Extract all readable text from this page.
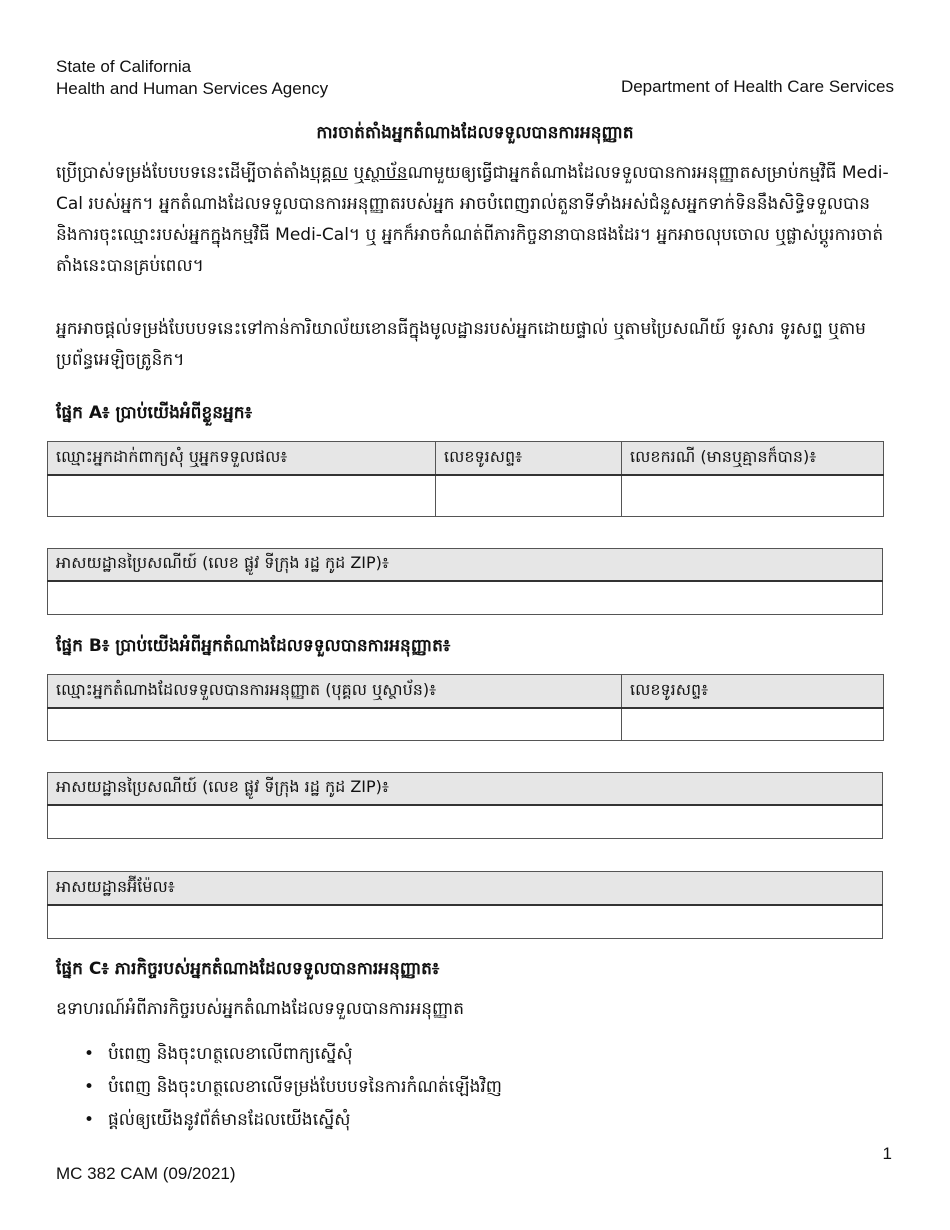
State of California
Health and Human Services Agency	Department of Health Care Services
ការចាត់តាំងអ្នកតំណាងដែលទទួលបានការអនុញ្ញាត
ប្រើប្រាស់ទម្រង់បែបបទនេះដើម្បីចាត់តាំងបុគ្គល ឬស្ថាប័នណាមួយឲ្យធ្វើជាអ្នកតំណាងដែលទទួលបានការអនុញ្ញាតសម្រាប់កម្មវិធី Medi-Cal របស់អ្នក។ អ្នកតំណាងដែលទទួលបានការអនុញ្ញាតរបស់អ្នក អាចបំពេញរាល់តួនាទីទាំងអស់ជំនួសអ្នកទាក់ទិននឹងសិទ្ធិទទួលបាន និងការចុះឈ្មោះរបស់អ្នកក្នុងកម្មវិធី Medi-Cal។ ឬ អ្នកក៏អាចកំណត់ពីភារកិច្ចនានាបានផងដែរ។ អ្នកអាចលុបចោល ឬផ្លាស់ប្តូរការចាត់តាំងនេះបានគ្រប់ពេល។
អ្នកអាចផ្តល់ទម្រង់បែបបទនេះទៅកាន់ការិយាល័យខោនធីក្នុងមូលដ្ឋានរបស់អ្នកដោយផ្ទាល់ ឬតាមប្រៃសណីយ៍ ទូរសារ ទូរសព្ទ ឬតាមប្រព័ន្ធអេឡិចត្រូនិក។
ផ្នែក A៖ ប្រាប់យើងអំពីខ្លួនអ្នក៖
ឈ្មោះអ្នកដាក់ពាក្យសុំ ឬអ្នកទទួលផល៖	លេខទូរសព្ទ៖	លេខករណី (មានឬគ្មានក៏បាន)៖

អាសយដ្ឋានប្រៃសណីយ៍ (លេខ ផ្លូវ ទីក្រុង រដ្ឋ កូដ ZIP)៖

ផ្នែក B៖ ប្រាប់យើងអំពីអ្នកតំណាងដែលទទួលបានការអនុញ្ញាត៖
ឈ្មោះអ្នកតំណាងដែលទទួលបានការអនុញ្ញាត (បុគ្គល ឬស្ថាប័ន)៖	លេខទូរសព្ទ៖

អាសយដ្ឋានប្រៃសណីយ៍ (លេខ ផ្លូវ ទីក្រុង រដ្ឋ កូដ ZIP)៖

អាសយដ្ឋានអ៊ីម៉ែល៖

ផ្នែក C៖ ភារកិច្ចរបស់អ្នកតំណាងដែលទទួលបានការអនុញ្ញាត៖
ឧទាហរណ៍អំពីភារកិច្ចរបស់អ្នកតំណាងដែលទទួលបានការអនុញ្ញាត
• បំពេញ និងចុះហត្ថលេខាលើពាក្យស្នើសុំ
• បំពេញ និងចុះហត្ថលេខាលើទម្រង់បែបបទនៃការកំណត់ឡើងវិញ
• ផ្តល់ឲ្យយើងនូវព័ត៌មានដែលយើងស្នើសុំ
1
MC 382 CAM (09/2021)
